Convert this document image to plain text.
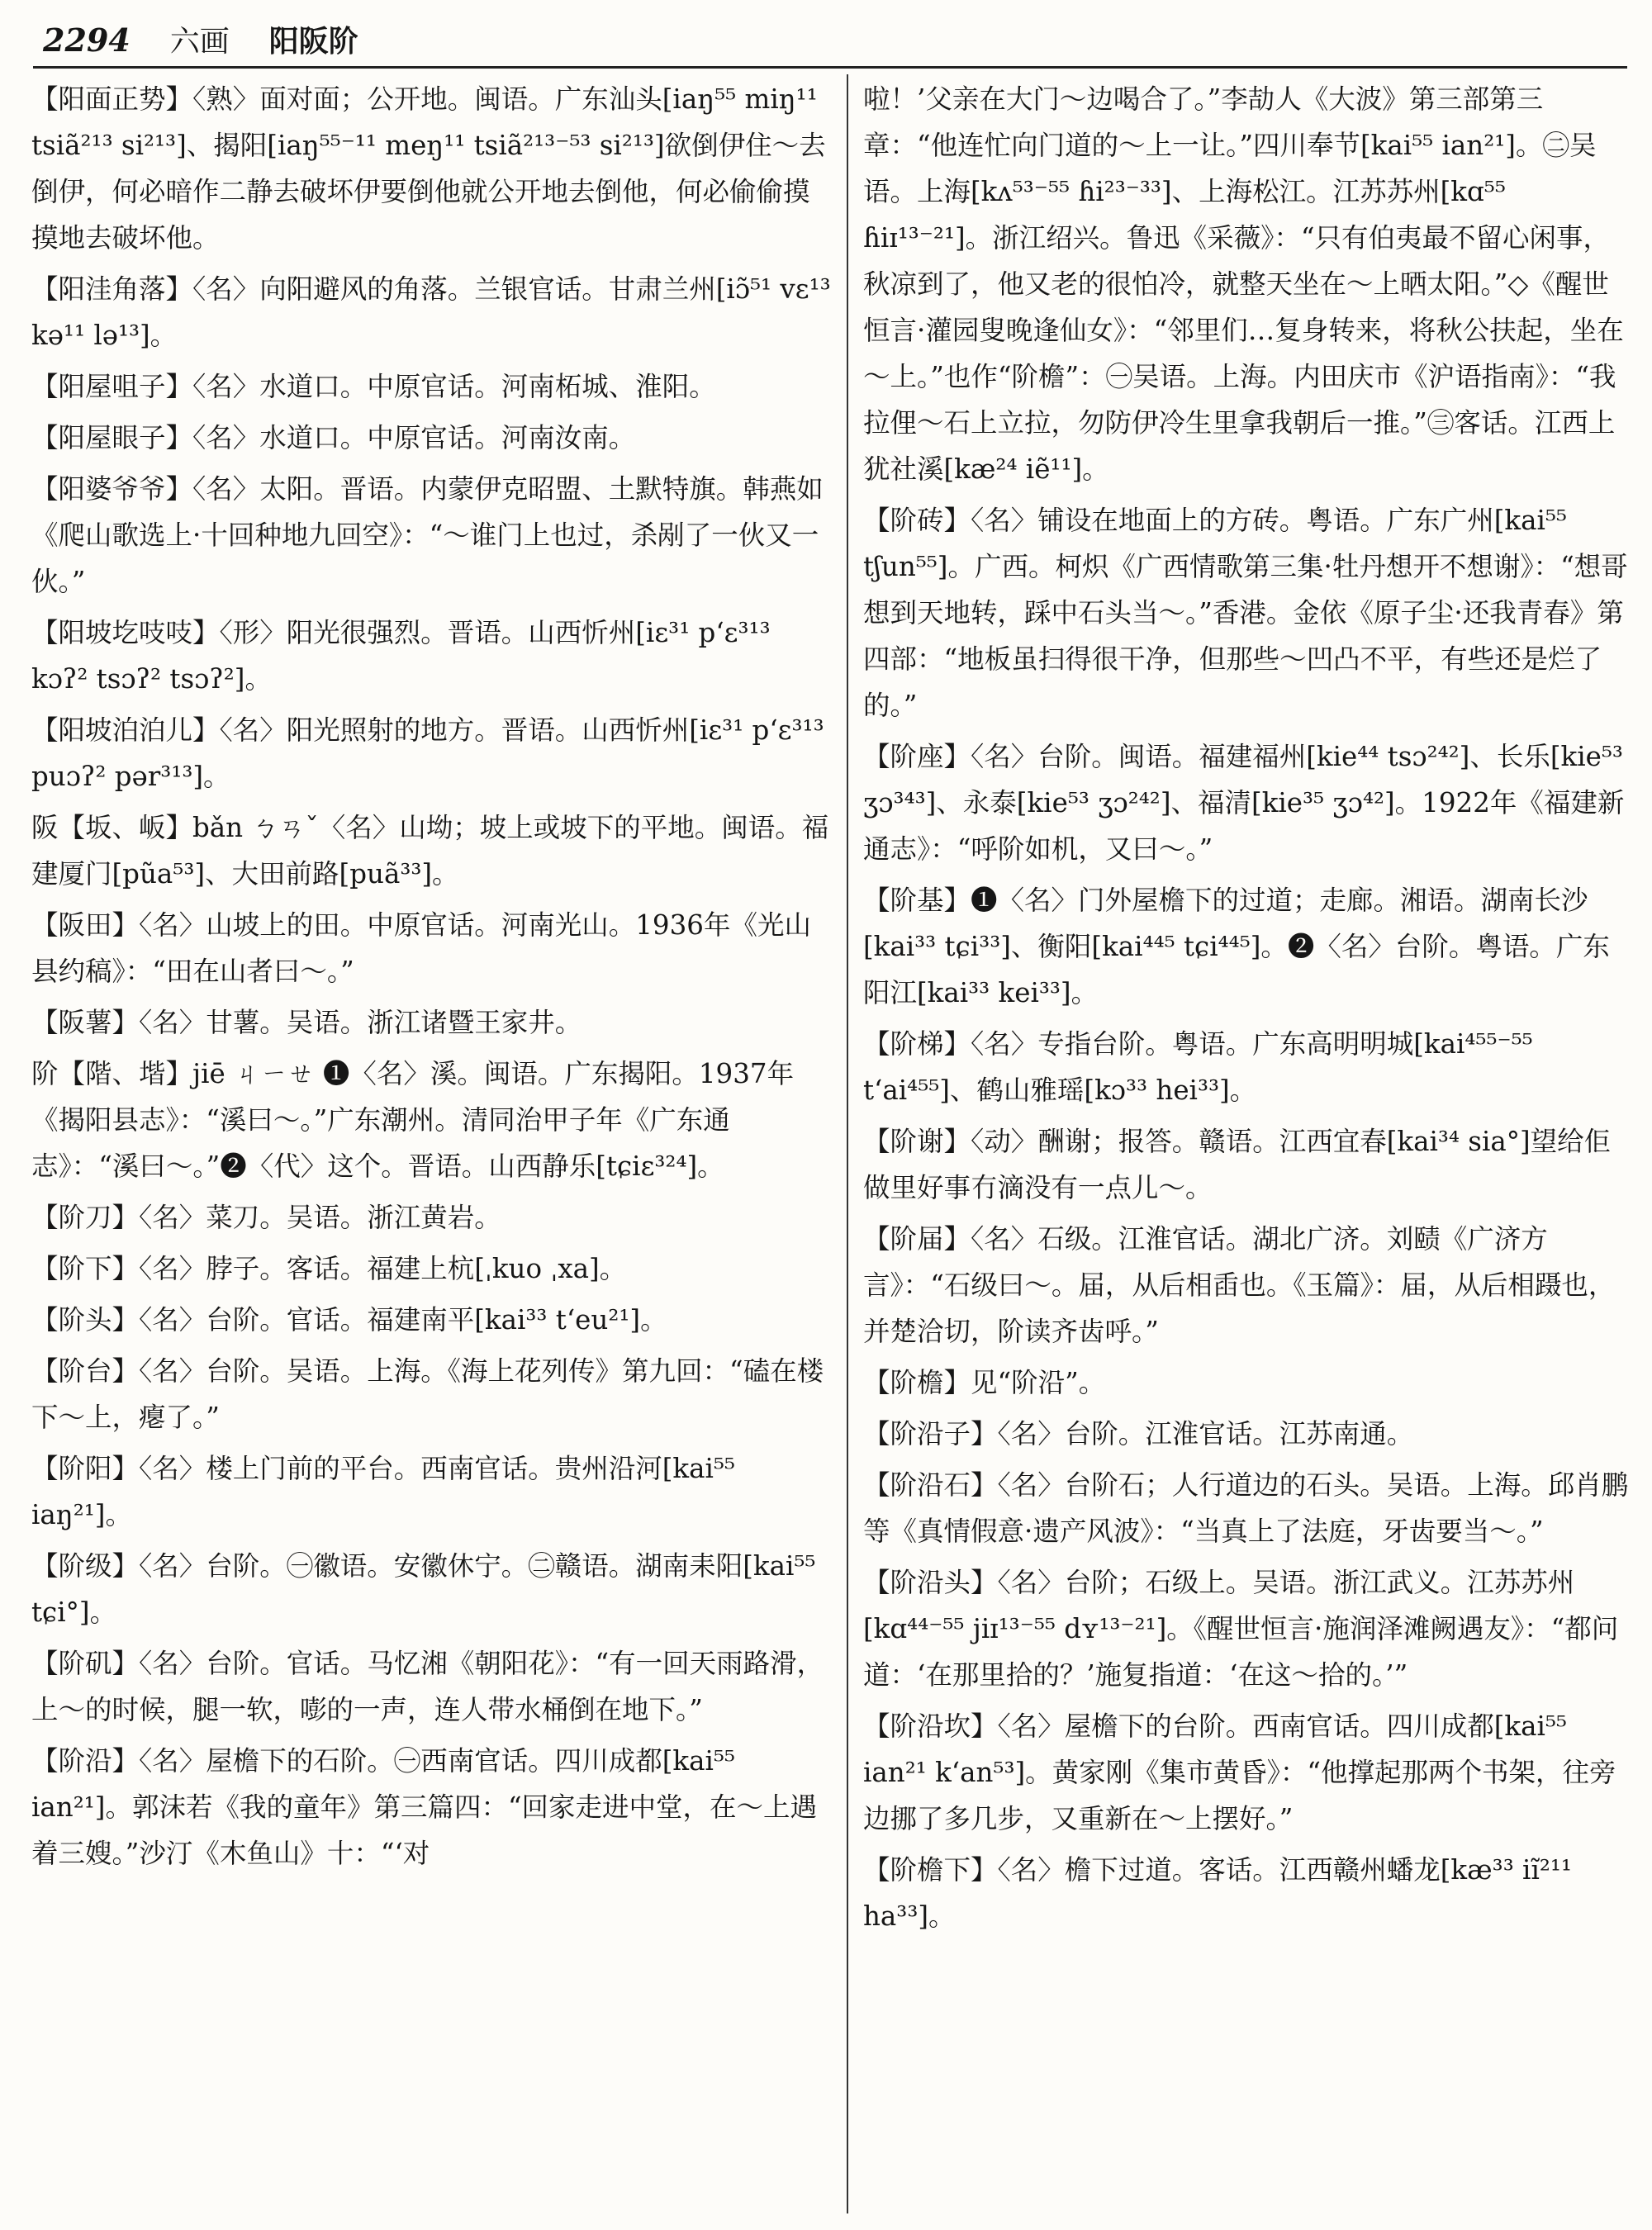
2294 六画 阳阪阶
【阳面正势】〈熟〉面对面；公开地。闽语。广东汕头[iaŋ⁵⁵ miŋ¹¹ tsiã²¹³ si²¹³]、揭阳[iaŋ⁵⁵⁻¹¹ meŋ¹¹ tsiã²¹³⁻⁵³ si²¹³]欲倒伊住～去倒伊，何必暗作二静去破坏伊要倒他就公开地去倒他，何必偷偷摸摸地去破坏他。
【阳洼角落】〈名〉向阳避风的角落。兰银官话。甘肃兰州[iɔ̃⁵¹ vɛ¹³ kə¹¹ lə¹³]。
【阳屋咀子】〈名〉水道口。中原官话。河南柘城、淮阳。
【阳屋眼子】〈名〉水道口。中原官话。河南汝南。
【阳婆爷爷】〈名〉太阳。晋语。内蒙伊克昭盟、土默特旗。韩燕如《爬山歌选上·十回种地九回空》：“～谁门上也过，杀剐了一伙又一伙。”
【阳坡圪吱吱】〈形〉阳光很强烈。晋语。山西忻州[iɛ³¹ p‘ɛ³¹³ kɔʔ² tsɔʔ² tsɔʔ²]。
【阳坡泊泊儿】〈名〉阳光照射的地方。晋语。山西忻州[iɛ³¹ p‘ɛ³¹³ puɔʔ² pər³¹³]。
阪【坂、岅】bǎn ㄅㄢˇ〈名〉山坳；坡上或坡下的平地。闽语。福建厦门[pũa⁵³]、大田前路[puã³³]。
【阪田】〈名〉山坡上的田。中原官话。河南光山。1936年《光山县约稿》：“田在山者曰～。”
【阪薯】〈名〉甘薯。吴语。浙江诸暨王家井。
阶【階、堦】jiē ㄐㄧㄝ ❶〈名〉溪。闽语。广东揭阳。1937年《揭阳县志》：“溪曰～。”广东潮州。清同治甲子年《广东通志》：“溪曰～。”❷〈代〉这个。晋语。山西静乐[tɕiɛ³²⁴]。
【阶刀】〈名〉菜刀。吴语。浙江黄岩。
【阶下】〈名〉脖子。客话。福建上杭[ˌkuo ˌxa]。
【阶头】〈名〉台阶。官话。福建南平[kai³³ t‘eu²¹]。
【阶台】〈名〉台阶。吴语。上海。《海上花列传》第九回：“磕在楼下～上，瘪了。”
【阶阳】〈名〉楼上门前的平台。西南官话。贵州沿河[kai⁵⁵ iaŋ²¹]。
【阶级】〈名〉台阶。㊀徽语。安徽休宁。㊁赣语。湖南耒阳[kai⁵⁵ tɕi°]。
【阶矶】〈名〉台阶。官话。马忆湘《朝阳花》：“有一回天雨路滑，上～的时候，腿一软，嘭的一声，连人带水桶倒在地下。”
【阶沿】〈名〉屋檐下的石阶。㊀西南官话。四川成都[kai⁵⁵ ian²¹]。郭沫若《我的童年》第三篇四：“回家走进中堂，在～上遇着三嫂。”沙汀《木鱼山》十：“‘对
啦！’父亲在大门～边喝合了。”李劼人《大波》第三部第三章：“他连忙向门道的～上一让。”四川奉节[kai⁵⁵ ian²¹]。㊁吴语。上海[kʌ⁵³⁻⁵⁵ ɦi²³⁻³³]、上海松江。江苏苏州[kɑ⁵⁵ ɦiɪ¹³⁻²¹]。浙江绍兴。鲁迅《采薇》：“只有伯夷最不留心闲事，秋凉到了，他又老的很怕冷，就整天坐在～上晒太阳。”◇《醒世恒言·灌园叟晚逢仙女》：“邻里们…复身转来，将秋公扶起，坐在～上。”也作“阶檐”：㊀吴语。上海。内田庆市《沪语指南》：“我拉俚～石上立拉，勿防伊冷生里拿我朝后一推。”㊂客话。江西上犹社溪[kæ²⁴ iẽ¹¹]。
【阶砖】〈名〉铺设在地面上的方砖。粤语。广东广州[kai⁵⁵ tʃun⁵⁵]。广西。柯炽《广西情歌第三集·牡丹想开不想谢》：“想哥想到天地转，踩中石头当～。”香港。金依《原子尘·还我青春》第四部：“地板虽扫得很干净，但那些～凹凸不平，有些还是烂了的。”
【阶座】〈名〉台阶。闽语。福建福州[kie⁴⁴ tsɔ²⁴²]、长乐[kie⁵³ ʒɔ³⁴³]、永泰[kie⁵³ ʒɔ²⁴²]、福清[kie³⁵ ʒɔ⁴²]。1922年《福建新通志》：“呼阶如机，又曰～。”
【阶基】❶〈名〉门外屋檐下的过道；走廊。湘语。湖南长沙[kai³³ tɕi³³]、衡阳[kai⁴⁴⁵ tɕi⁴⁴⁵]。❷〈名〉台阶。粤语。广东阳江[kai³³ kei³³]。
【阶梯】〈名〉专指台阶。粤语。广东高明明城[kai⁴⁵⁵⁻⁵⁵ t‘ai⁴⁵⁵]、鹤山雅瑶[kɔ³³ hei³³]。
【阶谢】〈动〉酬谢；报答。赣语。江西宜春[kai³⁴ sia°]望给佢做里好事冇滴没有一点儿～。
【阶届】〈名〉石级。江淮官话。湖北广济。刘赜《广济方言》：“石级曰～。届，从后相臿也。《玉篇》：届，从后相蹑也，并楚洽切，阶读齐齿呼。”
【阶檐】见“阶沿”。
【阶沿子】〈名〉台阶。江淮官话。江苏南通。
【阶沿石】〈名〉台阶石；人行道边的石头。吴语。上海。邱肖鹏等《真情假意·遗产风波》：“当真上了法庭，牙齿要当～。”
【阶沿头】〈名〉台阶；石级上。吴语。浙江武义。江苏苏州[kɑ⁴⁴⁻⁵⁵ jiɪ¹³⁻⁵⁵ dʏ¹³⁻²¹]。《醒世恒言·施润泽滩阙遇友》：“都问道：‘在那里拾的？’施复指道：‘在这～拾的。’”
【阶沿坎】〈名〉屋檐下的台阶。西南官话。四川成都[kai⁵⁵ ian²¹ k‘an⁵³]。黄家刚《集市黄昏》：“他撑起那两个书架，往旁边挪了多几步，又重新在～上摆好。”
【阶檐下】〈名〉檐下过道。客话。江西赣州蟠龙[kæ³³ iĩ²¹¹ ha³³]。
